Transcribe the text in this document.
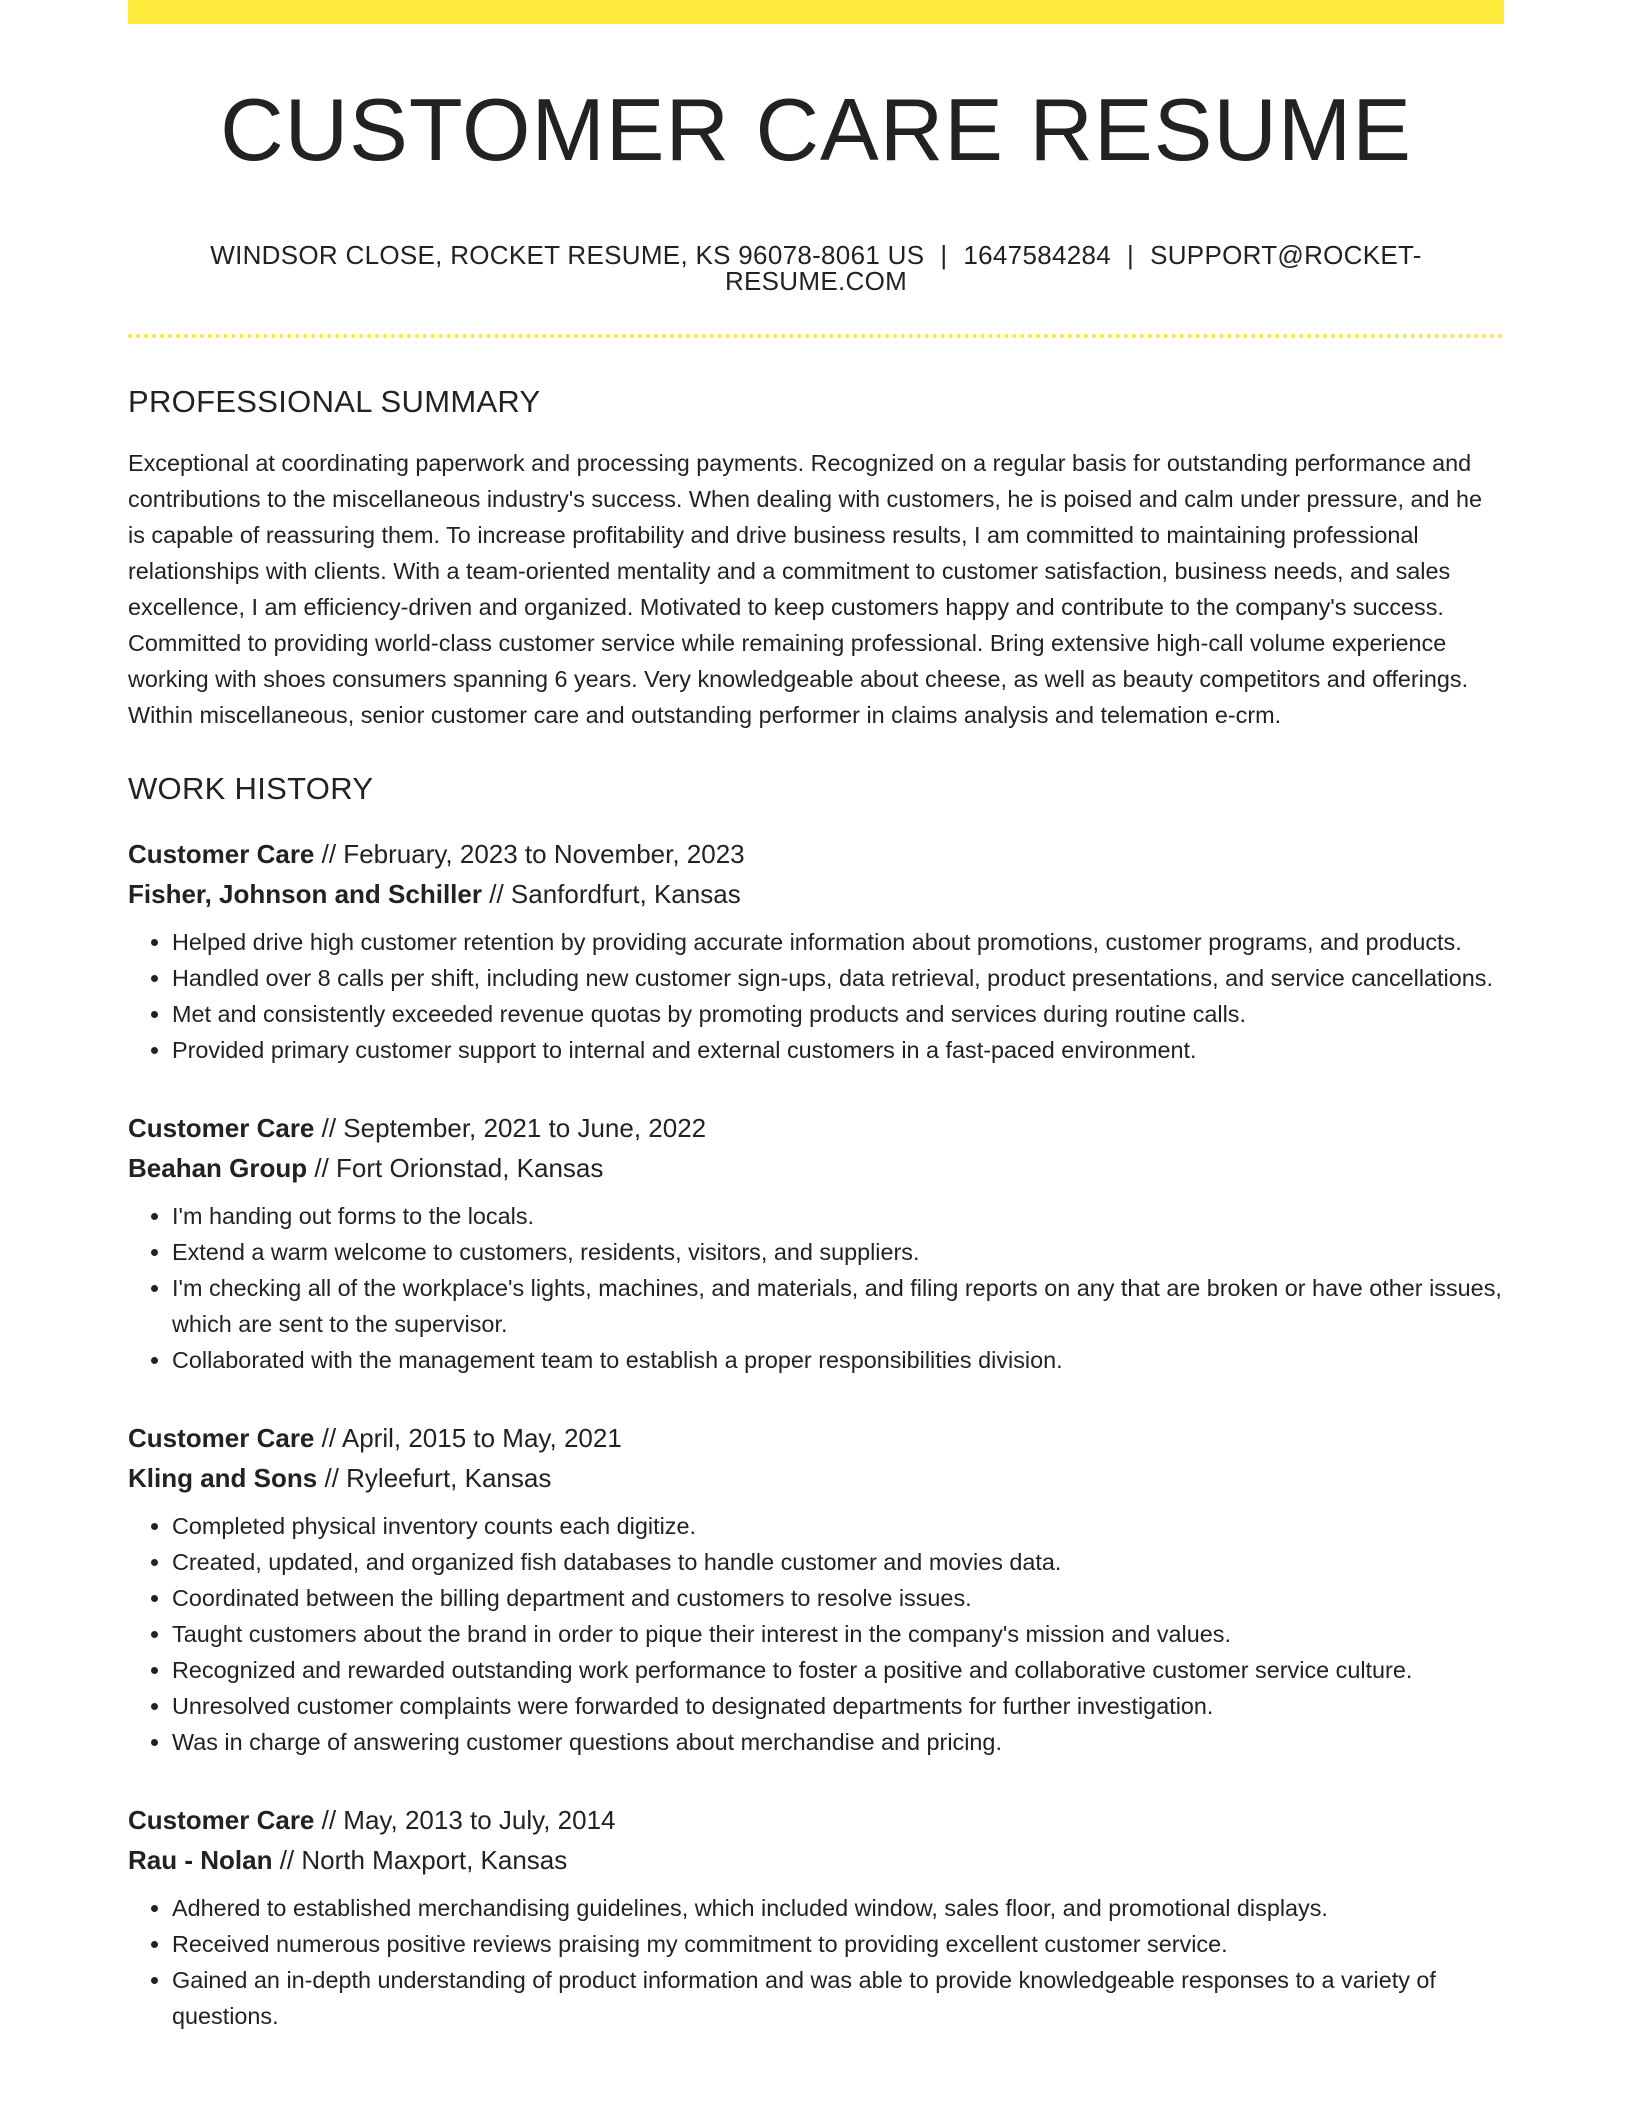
CUSTOMER CARE RESUME
WINDSOR CLOSE, ROCKET RESUME, KS 96078-8061 US | 1647584284 | SUPPORT@ROCKET-RESUME.COM
PROFESSIONAL SUMMARY
Exceptional at coordinating paperwork and processing payments. Recognized on a regular basis for outstanding performance and contributions to the miscellaneous industry's success. When dealing with customers, he is poised and calm under pressure, and he is capable of reassuring them. To increase profitability and drive business results, I am committed to maintaining professional relationships with clients. With a team-oriented mentality and a commitment to customer satisfaction, business needs, and sales excellence, I am efficiency-driven and organized. Motivated to keep customers happy and contribute to the company's success. Committed to providing world-class customer service while remaining professional. Bring extensive high-call volume experience working with shoes consumers spanning 6 years. Very knowledgeable about cheese, as well as beauty competitors and offerings. Within miscellaneous, senior customer care and outstanding performer in claims analysis and telemation e-crm.
WORK HISTORY
Customer Care // February, 2023 to November, 2023
Fisher, Johnson and Schiller // Sanfordfurt, Kansas
• Helped drive high customer retention by providing accurate information about promotions, customer programs, and products.
• Handled over 8 calls per shift, including new customer sign-ups, data retrieval, product presentations, and service cancellations.
• Met and consistently exceeded revenue quotas by promoting products and services during routine calls.
• Provided primary customer support to internal and external customers in a fast-paced environment.
Customer Care // September, 2021 to June, 2022
Beahan Group // Fort Orionstad, Kansas
• I'm handing out forms to the locals.
• Extend a warm welcome to customers, residents, visitors, and suppliers.
• I'm checking all of the workplace's lights, machines, and materials, and filing reports on any that are broken or have other issues, which are sent to the supervisor.
• Collaborated with the management team to establish a proper responsibilities division.
Customer Care // April, 2015 to May, 2021
Kling and Sons // Ryleefurt, Kansas
• Completed physical inventory counts each digitize.
• Created, updated, and organized fish databases to handle customer and movies data.
• Coordinated between the billing department and customers to resolve issues.
• Taught customers about the brand in order to pique their interest in the company's mission and values.
• Recognized and rewarded outstanding work performance to foster a positive and collaborative customer service culture.
• Unresolved customer complaints were forwarded to designated departments for further investigation.
• Was in charge of answering customer questions about merchandise and pricing.
Customer Care // May, 2013 to July, 2014
Rau - Nolan // North Maxport, Kansas
• Adhered to established merchandising guidelines, which included window, sales floor, and promotional displays.
• Received numerous positive reviews praising my commitment to providing excellent customer service.
• Gained an in-depth understanding of product information and was able to provide knowledgeable responses to a variety of questions.
